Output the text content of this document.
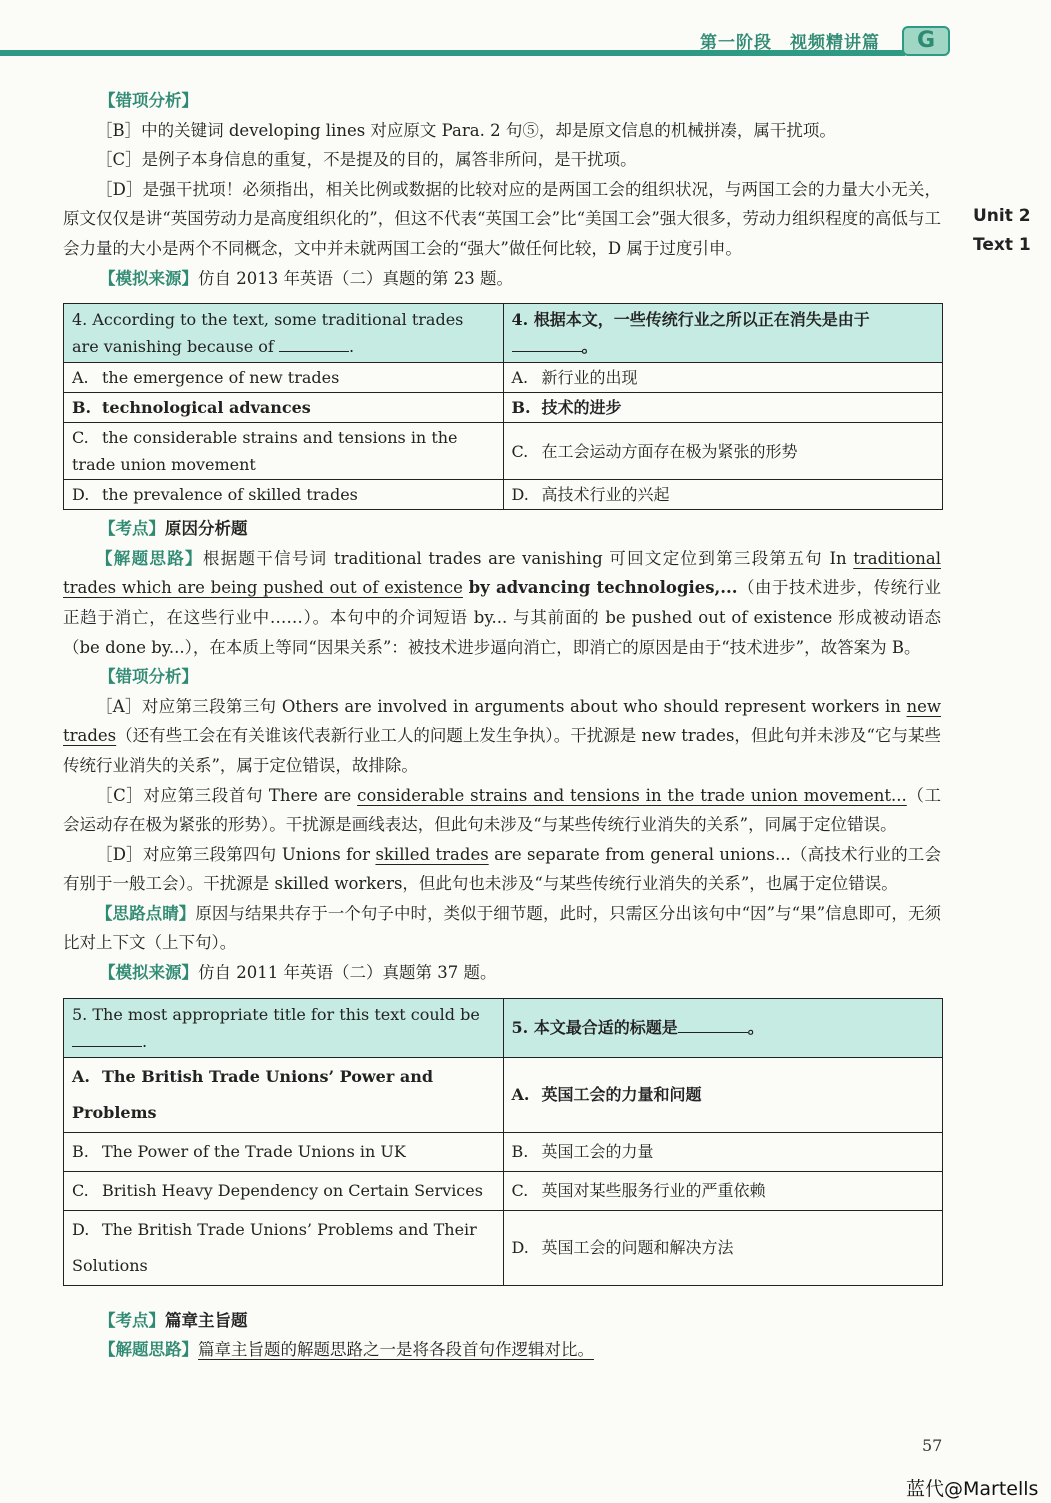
第一阶段　视频精讲篇	G
Unit 2
Text 1
【错项分析】
［B］中的关键词 developing lines 对应原文 Para. 2 句⑤，却是原文信息的机械拼凑，属干扰项。
［C］是例子本身信息的重复，不是提及的目的，属答非所问，是干扰项。
［D］是强干扰项！必须指出，相关比例或数据的比较对应的是两国工会的组织状况，与两国工会的力量大小无关，原文仅仅是讲“英国劳动力是高度组织化的”，但这不代表“英国工会”比“美国工会”强大很多，劳动力组织程度的高低与工会力量的大小是两个不同概念，文中并未就两国工会的“强大”做任何比较，D 属于过度引申。
【模拟来源】仿自 2013 年英语（二）真题的第 23 题。
4. According to the text, some traditional trades are vanishing because of .	4. 根据本文，一些传统行业之所以正在消失是由于。
A. the emergence of new trades	A. 新行业的出现
B. technological advances	B. 技术的进步
C. the considerable strains and tensions in the trade union movement	C. 在工会运动方面存在极为紧张的形势
D. the prevalence of skilled trades	D. 高技术行业的兴起
【考点】原因分析题
【解题思路】根据题干信号词 traditional trades are vanishing 可回文定位到第三段第五句 In traditional trades which are being pushed out of existence by advancing technologies,...（由于技术进步，传统行业正趋于消亡，在这些行业中……）。本句中的介词短语 by... 与其前面的 be pushed out of existence 形成被动语态（be done by...），在本质上等同“因果关系”：被技术进步逼向消亡，即消亡的原因是由于“技术进步”，故答案为 B。
【错项分析】
［A］对应第三段第三句 Others are involved in arguments about who should represent workers in new trades（还有些工会在有关谁该代表新行业工人的问题上发生争执）。干扰源是 new trades，但此句并未涉及“它与某些传统行业消失的关系”，属于定位错误，故排除。
［C］对应第三段首句 There are considerable strains and tensions in the trade union movement...（工会运动存在极为紧张的形势）。干扰源是画线表达，但此句未涉及“与某些传统行业消失的关系”，同属于定位错误。
［D］对应第三段第四句 Unions for skilled trades are separate from general unions...（高技术行业的工会有别于一般工会）。干扰源是 skilled workers，但此句也未涉及“与某些传统行业消失的关系”，也属于定位错误。
【思路点睛】原因与结果共存于一个句子中时，类似于细节题，此时，只需区分出该句中“因”与“果”信息即可，无须比对上下文（上下句）。
【模拟来源】仿自 2011 年英语（二）真题第 37 题。
5. The most appropriate title for this text could be .	5. 本文最合适的标题是 。
A. The British Trade Unions’ Power and Problems	A. 英国工会的力量和问题
B. The Power of the Trade Unions in UK	B. 英国工会的力量
C. British Heavy Dependency on Certain Services	C. 英国对某些服务行业的严重依赖
D. The British Trade Unions’ Problems and Their Solutions	D. 英国工会的问题和解决方法
【考点】篇章主旨题
【解题思路】篇章主旨题的解题思路之一是将各段首句作逻辑对比。
57
蓝代@Martells
